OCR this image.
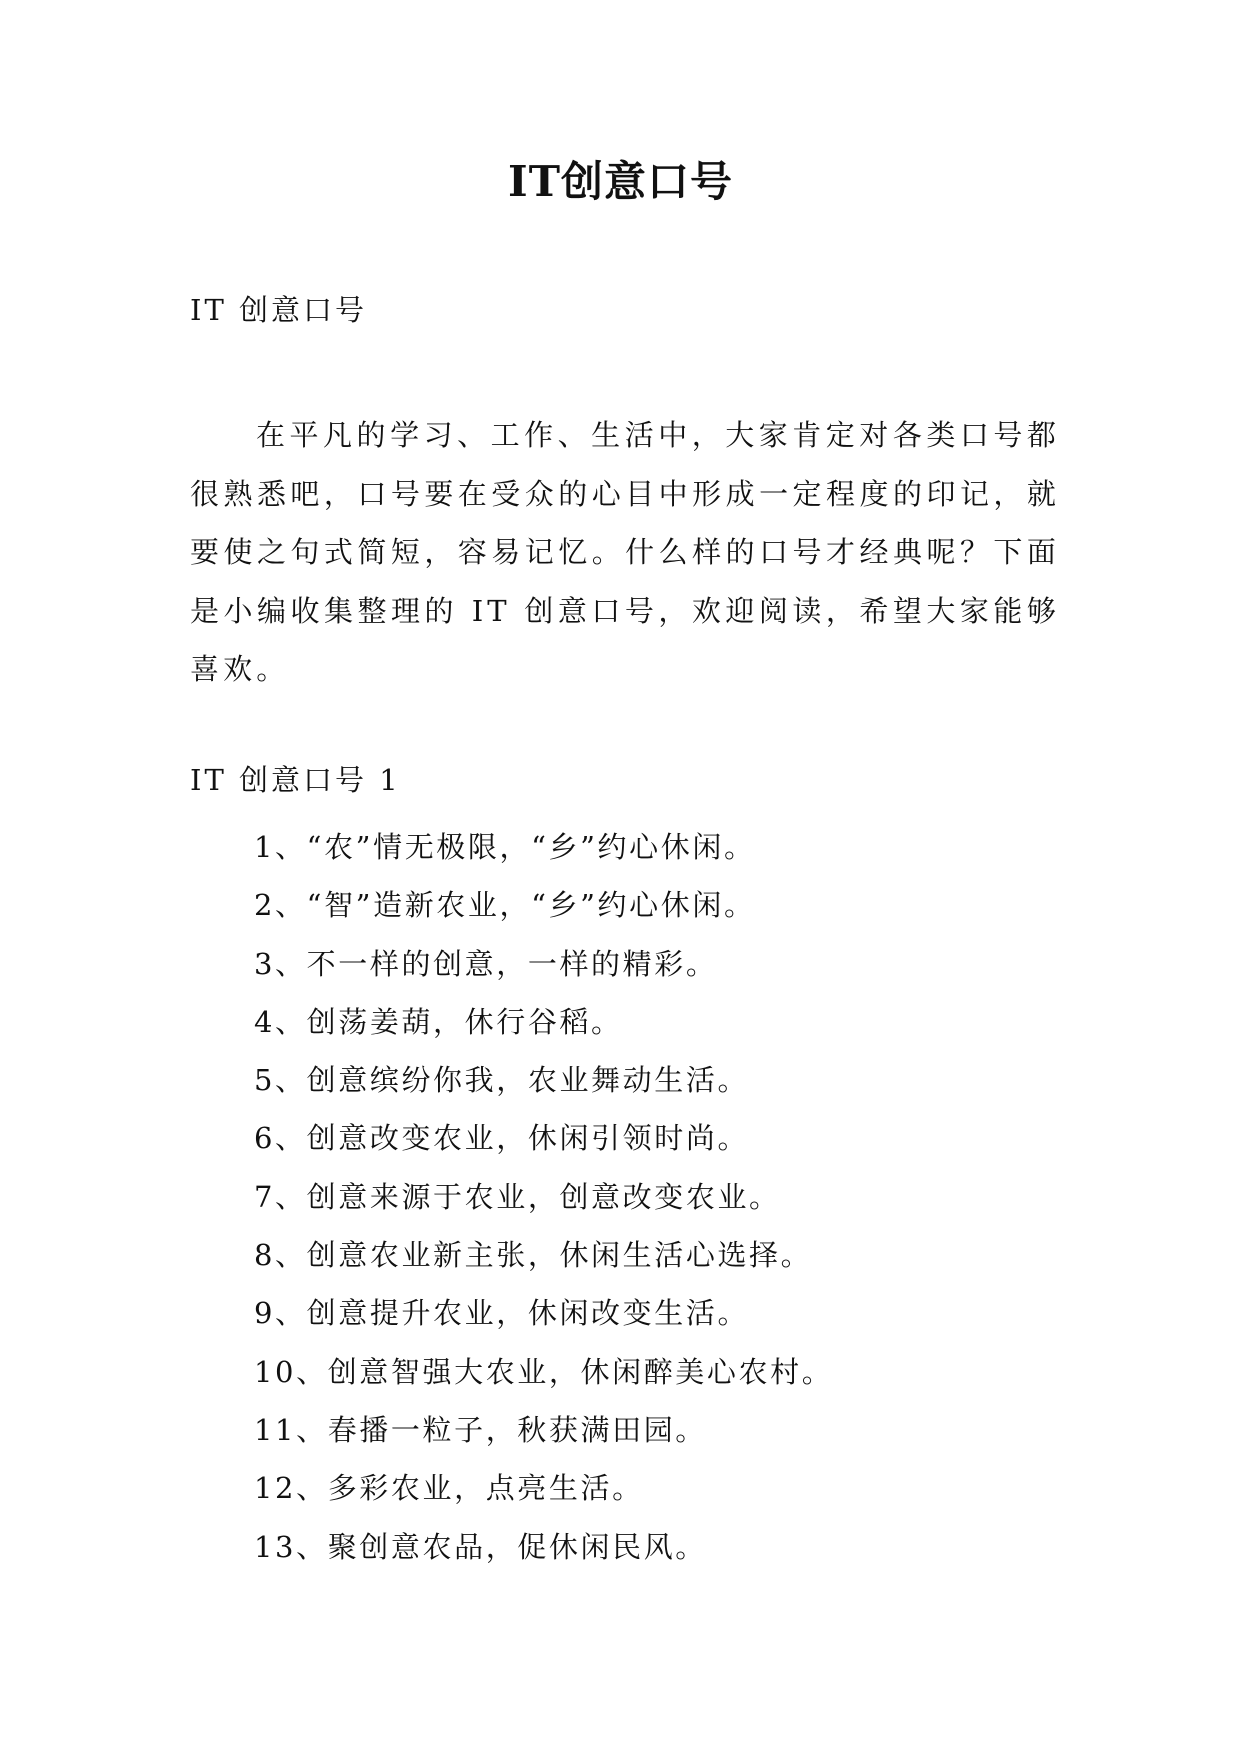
IT创意口号
IT 创意口号
在平凡的学习、工作、生活中，大家肯定对各类口号都很熟悉吧，口号要在受众的心目中形成一定程度的印记，就要使之句式简短，容易记忆。什么样的口号才经典呢？下面是小编收集整理的 IT 创意口号，欢迎阅读，希望大家能够喜欢。
IT 创意口号 1
1、“农”情无极限，“乡”约心休闲。
2、“智”造新农业，“乡”约心休闲。
3、不一样的创意，一样的精彩。
4、创荡姜葫，休行谷稻。
5、创意缤纷你我，农业舞动生活。
6、创意改变农业，休闲引领时尚。
7、创意来源于农业，创意改变农业。
8、创意农业新主张，休闲生活心选择。
9、创意提升农业，休闲改变生活。
10、创意智强大农业，休闲醉美心农村。
11、春播一粒子，秋获满田园。
12、多彩农业，点亮生活。
13、聚创意农品，促休闲民风。
